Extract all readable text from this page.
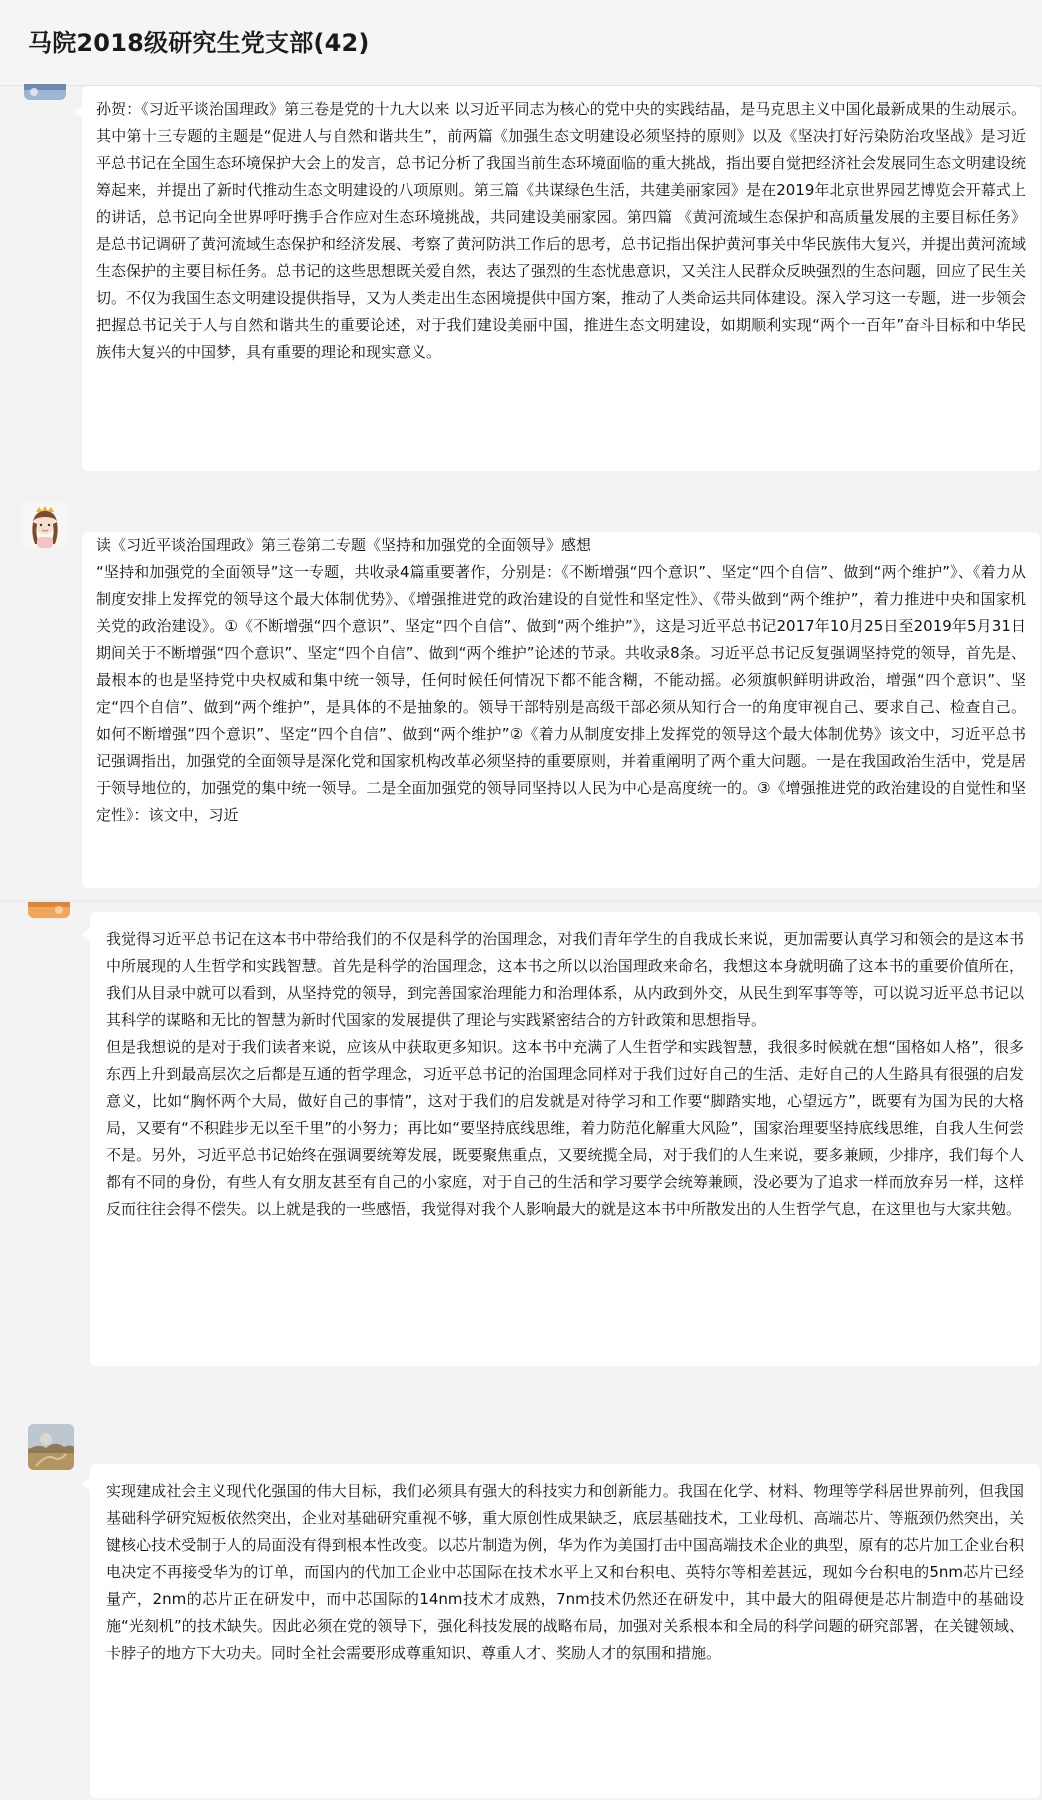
马院2018级研究生党支部(42)
孙贺：《习近平谈治国理政》第三卷是党的十九大以来 以习近平同志为核心的党中央的实践结晶，是马克思主义中国化最新成果的生动展示。其中第十三专题的主题是“促进人与自然和谐共生”，前两篇《加强生态文明建设必须坚持的原则》以及《坚决打好污染防治攻坚战》是习近平总书记在全国生态环境保护大会上的发言，总书记分析了我国当前生态环境面临的重大挑战，指出要自觉把经济社会发展同生态文明建设统筹起来，并提出了新时代推动生态文明建设的八项原则。第三篇《共谋绿色生活，共建美丽家园》是在2019年北京世界园艺博览会开幕式上的讲话，总书记向全世界呼吁携手合作应对生态环境挑战，共同建设美丽家园。第四篇 《黄河流域生态保护和高质量发展的主要目标任务》是总书记调研了黄河流域生态保护和经济发展、考察了黄河防洪工作后的思考，总书记指出保护黄河事关中华民族伟大复兴，并提出黄河流域生态保护的主要目标任务。总书记的这些思想既关爱自然，表达了强烈的生态忧患意识，又关注人民群众反映强烈的生态问题，回应了民生关切。不仅为我国生态文明建设提供指导，又为人类走出生态困境提供中国方案，推动了人类命运共同体建设。深入学习这一专题，进一步领会把握总书记关于人与自然和谐共生的重要论述，对于我们建设美丽中国，推进生态文明建设，如期顺利实现“两个一百年”奋斗目标和中华民族伟大复兴的中国梦，具有重要的理论和现实意义。
读《习近平谈治国理政》第三卷第二专题《坚持和加强党的全面领导》感想
“坚持和加强党的全面领导”这一专题，共收录4篇重要著作，分别是：《不断增强“四个意识”、坚定“四个自信”、做到“两个维护”》、《着力从制度安排上发挥党的领导这个最大体制优势》、《增强推进党的政治建设的自觉性和坚定性》、《带头做到“两个维护”，着力推进中央和国家机关党的政治建设》。①《不断增强“四个意识”、坚定“四个自信”、做到“两个维护”》，这是习近平总书记2017年10月25日至2019年5月31日期间关于不断增强“四个意识”、坚定“四个自信”、做到“两个维护”论述的节录。共收录8条。习近平总书记反复强调坚持党的领导，首先是、最根本的也是坚持党中央权威和集中统一领导，任何时候任何情况下都不能含糊，不能动摇。必须旗帜鲜明讲政治，增强“四个意识”、坚定“四个自信”、做到“两个维护”，是具体的不是抽象的。领导干部特别是高级干部必须从知行合一的角度审视自己、要求自己、检查自己。如何不断增强“四个意识”、坚定“四个自信”、做到“两个维护”②《着力从制度安排上发挥党的领导这个最大体制优势》该文中，习近平总书记强调指出，加强党的全面领导是深化党和国家机构改革必须坚持的重要原则，并着重阐明了两个重大问题。一是在我国政治生活中，党是居于领导地位的，加强党的集中统一领导。二是全面加强党的领导同坚持以人民为中心是高度统一的。③《增强推进党的政治建设的自觉性和坚定性》：该文中，习近
我觉得习近平总书记在这本书中带给我们的不仅是科学的治国理念，对我们青年学生的自我成长来说，更加需要认真学习和领会的是这本书中所展现的人生哲学和实践智慧。首先是科学的治国理念，这本书之所以以治国理政来命名，我想这本身就明确了这本书的重要价值所在，我们从目录中就可以看到，从坚持党的领导，到完善国家治理能力和治理体系，从内政到外交，从民生到军事等等，可以说习近平总书记以其科学的谋略和无比的智慧为新时代国家的发展提供了理论与实践紧密结合的方针政策和思想指导。
但是我想说的是对于我们读者来说，应该从中获取更多知识。这本书中充满了人生哲学和实践智慧，我很多时候就在想“国格如人格”，很多东西上升到最高层次之后都是互通的哲学理念，习近平总书记的治国理念同样对于我们过好自己的生活、走好自己的人生路具有很强的启发意义，比如“胸怀两个大局，做好自己的事情”，这对于我们的启发就是对待学习和工作要“脚踏实地，心望远方”，既要有为国为民的大格局，又要有“不积跬步无以至千里”的小努力；再比如“要坚持底线思维，着力防范化解重大风险”，国家治理要坚持底线思维，自我人生何尝不是。另外，习近平总书记始终在强调要统筹发展，既要聚焦重点，又要统揽全局，对于我们的人生来说，要多兼顾，少排序，我们每个人都有不同的身份，有些人有女朋友甚至有自己的小家庭，对于自己的生活和学习要学会统筹兼顾，没必要为了追求一样而放弃另一样，这样反而往往会得不偿失。以上就是我的一些感悟，我觉得对我个人影响最大的就是这本书中所散发出的人生哲学气息，在这里也与大家共勉。
实现建成社会主义现代化强国的伟大目标，我们必须具有强大的科技实力和创新能力。我国在化学、材料、物理等学科居世界前列，但我国基础科学研究短板依然突出，企业对基础研究重视不够，重大原创性成果缺乏，底层基础技术，工业母机、高端芯片、等瓶颈仍然突出，关键核心技术受制于人的局面没有得到根本性改变。以芯片制造为例，华为作为美国打击中国高端技术企业的典型，原有的芯片加工企业台积电决定不再接受华为的订单，而国内的代加工企业中芯国际在技术水平上又和台积电、英特尔等相差甚远，现如今台积电的5nm芯片已经量产，2nm的芯片正在研发中，而中芯国际的14nm技术才成熟，7nm技术仍然还在研发中，其中最大的阻碍便是芯片制造中的基础设施“光刻机”的技术缺失。因此必须在党的领导下，强化科技发展的战略布局，加强对关系根本和全局的科学问题的研究部署，在关键领域、卡脖子的地方下大功夫。同时全社会需要形成尊重知识、尊重人才、奖励人才的氛围和措施。
